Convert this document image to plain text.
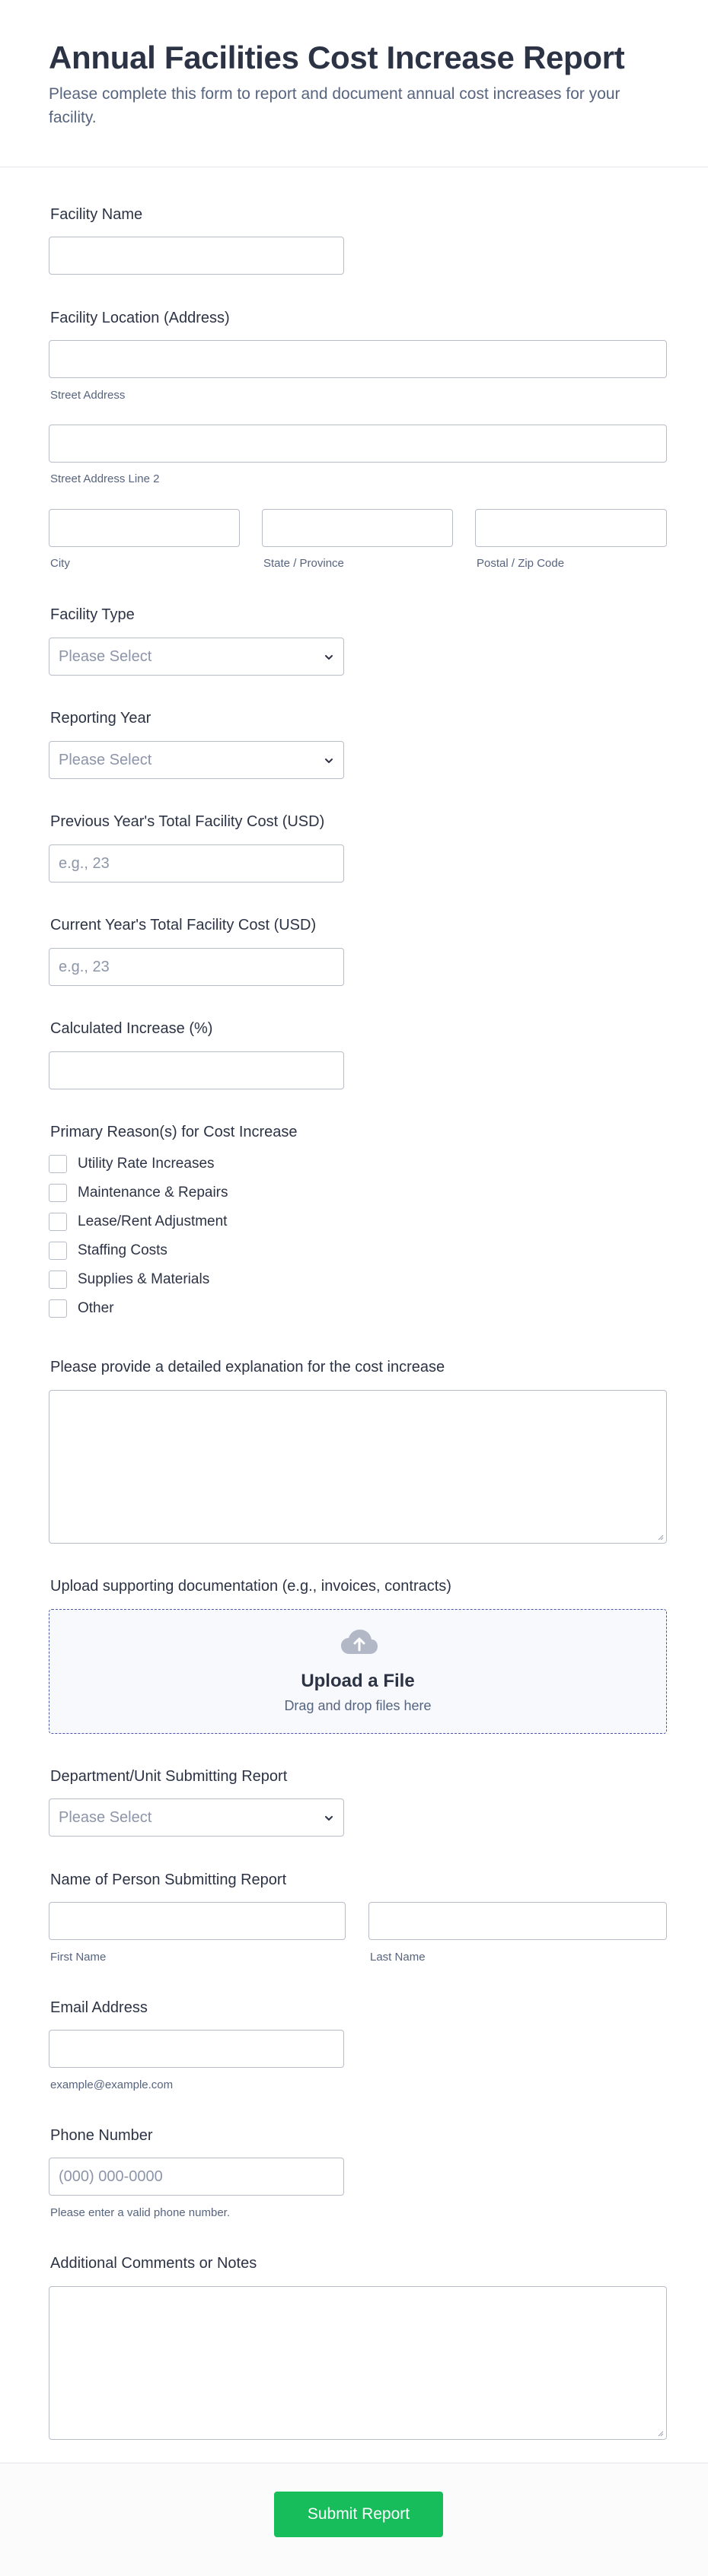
Annual Facilities Cost Increase Report

Please complete this form to report and document annual cost increases for your facility.

Facility Name
Facility Location (Address)
Street Address
Street Address Line 2
City	State / Province	Postal / Zip Code
Facility Type
Please Select
Reporting Year
Please Select
Previous Year's Total Facility Cost (USD)
e.g., 23
Current Year's Total Facility Cost (USD)
e.g., 23
Calculated Increase (%)
Primary Reason(s) for Cost Increase
Utility Rate Increases
Maintenance & Repairs
Lease/Rent Adjustment
Staffing Costs
Supplies & Materials
Other
Please provide a detailed explanation for the cost increase
Upload supporting documentation (e.g., invoices, contracts)
Upload a File
Drag and drop files here
Department/Unit Submitting Report
Please Select
Name of Person Submitting Report
First Name	Last Name
Email Address
example@example.com
Phone Number
(000) 000-0000
Please enter a valid phone number.
Additional Comments or Notes
Submit Report
